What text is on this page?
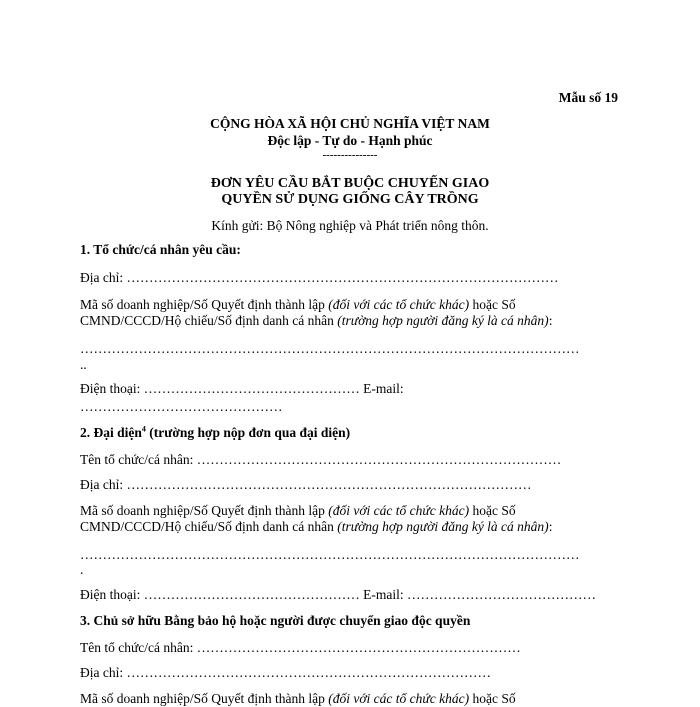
Mẫu số 19
CỘNG HÒA XÃ HỘI CHỦ NGHĨA VIỆT NAM
Độc lập - Tự do - Hạnh phúc
---------------
ĐƠN YÊU CẦU BẮT BUỘC CHUYỂN GIAO
QUYỀN SỬ DỤNG GIỐNG CÂY TRỒNG
Kính gửi: Bộ Nông nghiệp và Phát triển nông thôn.
1. Tổ chức/cá nhân yêu cầu:
Địa chỉ: ……………………………………………………………………………………
Mã số doanh nghiệp/Số Quyết định thành lập (đối với các tổ chức khác) hoặc Số
CMND/CCCD/Hộ chiếu/Số định danh cá nhân (trường hợp người đăng ký là cá nhân):
…………………………………………………………………………………………………
..
Điện thoại: ………………………………………… E-mail:
………………………………………
2. Đại diện$^4$ (trường hợp nộp đơn qua đại diện)
Tên tổ chức/cá nhân: ………………………………………………………………………
Địa chỉ: ………………………………………………………………………………
Mã số doanh nghiệp/Số Quyết định thành lập (đối với các tổ chức khác) hoặc Số
CMND/CCCD/Hộ chiếu/Số định danh cá nhân (trường hợp người đăng ký là cá nhân):
…………………………………………………………………………………………………
.
Điện thoại: ………………………………………… E-mail: ……………………………………
3. Chủ sở hữu Bằng bảo hộ hoặc người được chuyển giao độc quyền
Tên tổ chức/cá nhân: ………………………………………………………………
Địa chỉ: ………………………………………………………………………
Mã số doanh nghiệp/Số Quyết định thành lập (đối với các tổ chức khác) hoặc Số
